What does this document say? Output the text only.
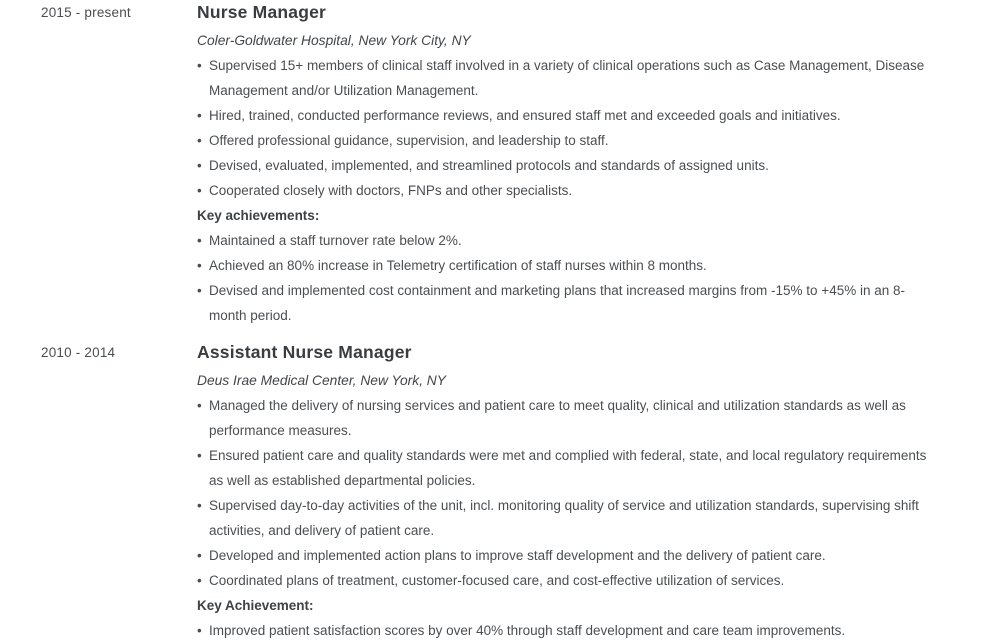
2015 - present	Nurse Manager
Coler-Goldwater Hospital, New York City, NY
• Supervised 15+ members of clinical staff involved in a variety of clinical operations such as Case Management, Disease Management and/or Utilization Management.
• Hired, trained, conducted performance reviews, and ensured staff met and exceeded goals and initiatives.
• Offered professional guidance, supervision, and leadership to staff.
• Devised, evaluated, implemented, and streamlined protocols and standards of assigned units.
• Cooperated closely with doctors, FNPs and other specialists.
Key achievements:
• Maintained a staff turnover rate below 2%.
• Achieved an 80% increase in Telemetry certification of staff nurses within 8 months.
• Devised and implemented cost containment and marketing plans that increased margins from -15% to +45% in an 8-month period.
2010 - 2014	Assistant Nurse Manager
Deus Irae Medical Center, New York, NY
• Managed the delivery of nursing services and patient care to meet quality, clinical and utilization standards as well as performance measures.
• Ensured patient care and quality standards were met and complied with federal, state, and local regulatory requirements as well as established departmental policies.
• Supervised day-to-day activities of the unit, incl. monitoring quality of service and utilization standards, supervising shift activities, and delivery of patient care.
• Developed and implemented action plans to improve staff development and the delivery of patient care.
• Coordinated plans of treatment, customer-focused care, and cost-effective utilization of services.
Key Achievement:
• Improved patient satisfaction scores by over 40% through staff development and care team improvements.
